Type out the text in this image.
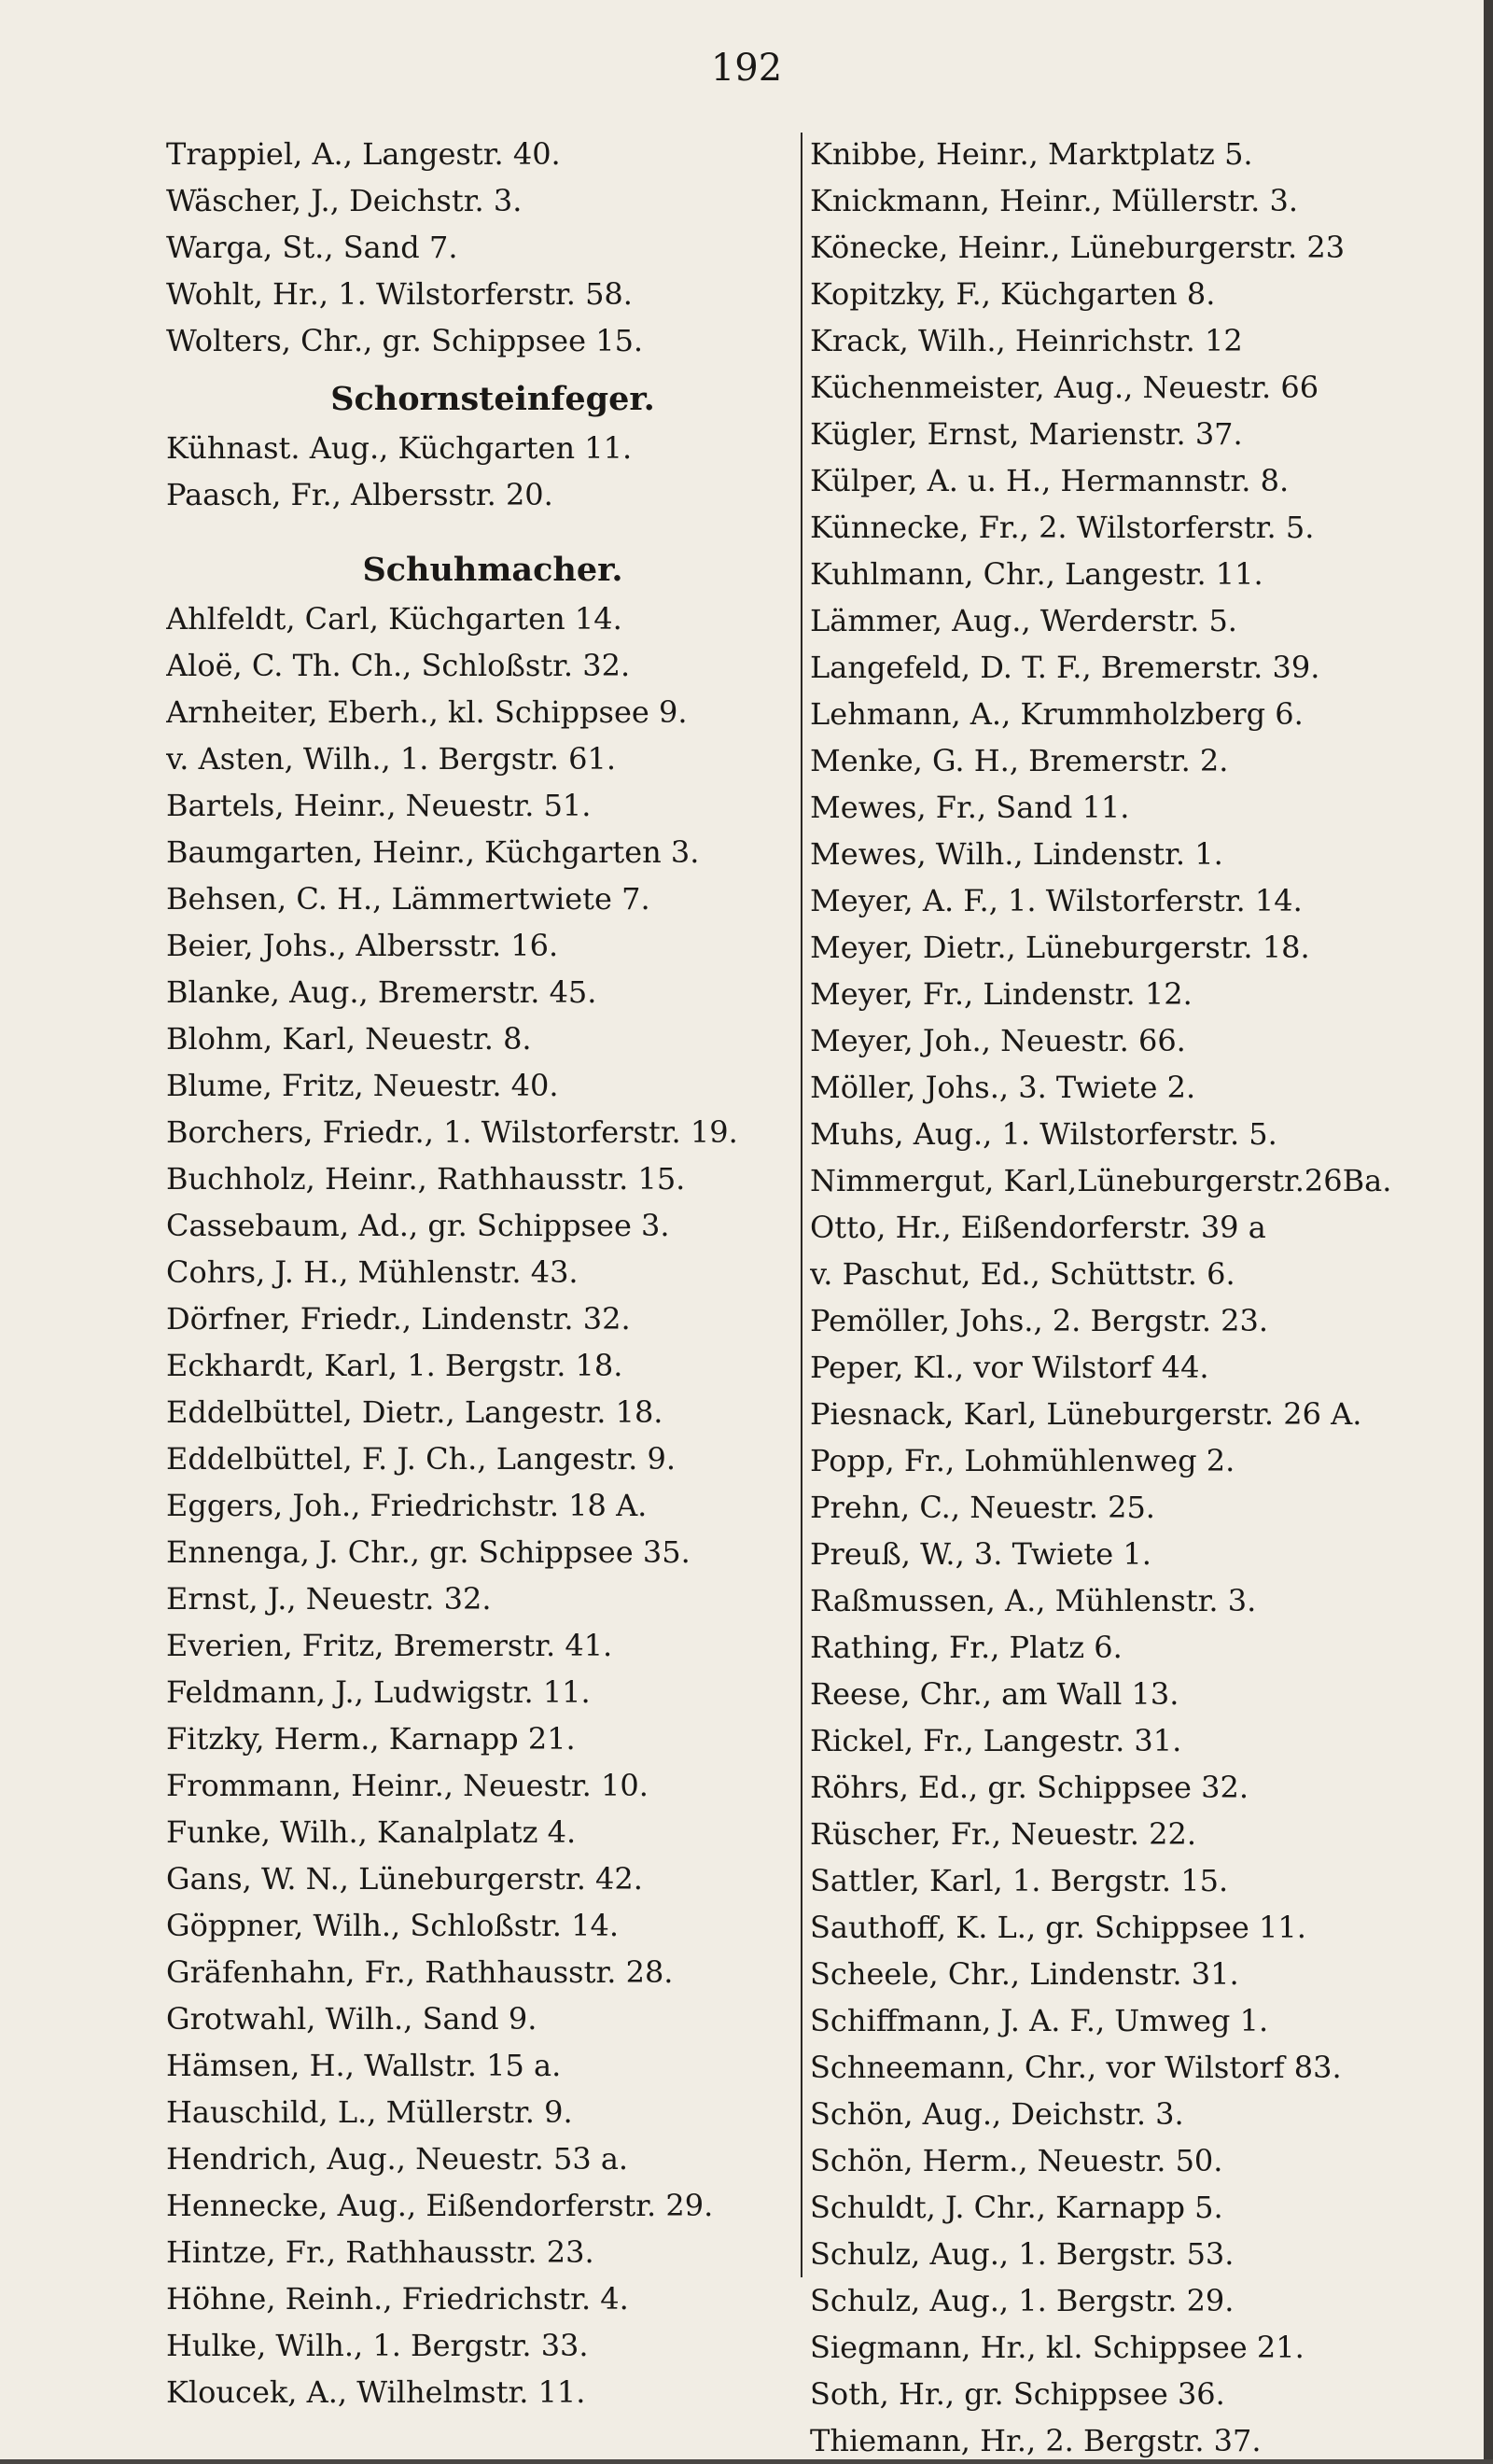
192
Trappiel, A., Langestr. 40.
Wäscher, J., Deichstr. 3.
Warga, St., Sand 7.
Wohlt, Hr., 1. Wilstorferstr. 58.
Wolters, Chr., gr. Schippsee 15.
Schornsteinfeger.
Kühnast. Aug., Küchgarten 11.
Paasch, Fr., Albersstr. 20.
Schuhmacher.
Ahlfeldt, Carl, Küchgarten 14.
Aloë, C. Th. Ch., Schloßstr. 32.
Arnheiter, Eberh., kl. Schippsee 9.
v. Asten, Wilh., 1. Bergstr. 61.
Bartels, Heinr., Neuestr. 51.
Baumgarten, Heinr., Küchgarten 3.
Behsen, C. H., Lämmertwiete 7.
Beier, Johs., Albersstr. 16.
Blanke, Aug., Bremerstr. 45.
Blohm, Karl, Neuestr. 8.
Blume, Fritz, Neuestr. 40.
Borchers, Friedr., 1. Wilstorferstr. 19.
Buchholz, Heinr., Rathhausstr. 15.
Cassebaum, Ad., gr. Schippsee 3.
Cohrs, J. H., Mühlenstr. 43.
Dörfner, Friedr., Lindenstr. 32.
Eckhardt, Karl, 1. Bergstr. 18.
Eddelbüttel, Dietr., Langestr. 18.
Eddelbüttel, F. J. Ch., Langestr. 9.
Eggers, Joh., Friedrichstr. 18 A.
Ennenga, J. Chr., gr. Schippsee 35.
Ernst, J., Neuestr. 32.
Everien, Fritz, Bremerstr. 41.
Feldmann, J., Ludwigstr. 11.
Fitzky, Herm., Karnapp 21.
Frommann, Heinr., Neuestr. 10.
Funke, Wilh., Kanalplatz 4.
Gans, W. N., Lüneburgerstr. 42.
Göppner, Wilh., Schloßstr. 14.
Gräfenhahn, Fr., Rathhausstr. 28.
Grotwahl, Wilh., Sand 9.
Hämsen, H., Wallstr. 15 a.
Hauschild, L., Müllerstr. 9.
Hendrich, Aug., Neuestr. 53 a.
Hennecke, Aug., Eißendorferstr. 29.
Hintze, Fr., Rathhausstr. 23.
Höhne, Reinh., Friedrichstr. 4.
Hulke, Wilh., 1. Bergstr. 33.
Kloucek, A., Wilhelmstr. 11.
Knibbe, Heinr., Marktplatz 5.
Knickmann, Heinr., Müllerstr. 3.
Könecke, Heinr., Lüneburgerstr. 23
Kopitzky, F., Küchgarten 8.
Krack, Wilh., Heinrichstr. 12
Küchenmeister, Aug., Neuestr. 66
Kügler, Ernst, Marienstr. 37.
Külper, A. u. H., Hermannstr. 8.
Künnecke, Fr., 2. Wilstorferstr. 5.
Kuhlmann, Chr., Langestr. 11.
Lämmer, Aug., Werderstr. 5.
Langefeld, D. T. F., Bremerstr. 39.
Lehmann, A., Krummholzberg 6.
Menke, G. H., Bremerstr. 2.
Mewes, Fr., Sand 11.
Mewes, Wilh., Lindenstr. 1.
Meyer, A. F., 1. Wilstorferstr. 14.
Meyer, Dietr., Lüneburgerstr. 18.
Meyer, Fr., Lindenstr. 12.
Meyer, Joh., Neuestr. 66.
Möller, Johs., 3. Twiete 2.
Muhs, Aug., 1. Wilstorferstr. 5.
Nimmergut, Karl,Lüneburgerstr.26Ba.
Otto, Hr., Eißendorferstr. 39 a
v. Paschut, Ed., Schüttstr. 6.
Pemöller, Johs., 2. Bergstr. 23.
Peper, Kl., vor Wilstorf 44.
Piesnack, Karl, Lüneburgerstr. 26 A.
Popp, Fr., Lohmühlenweg 2.
Prehn, C., Neuestr. 25.
Preuß, W., 3. Twiete 1.
Raßmussen, A., Mühlenstr. 3.
Rathing, Fr., Platz 6.
Reese, Chr., am Wall 13.
Rickel, Fr., Langestr. 31.
Röhrs, Ed., gr. Schippsee 32.
Rüscher, Fr., Neuestr. 22.
Sattler, Karl, 1. Bergstr. 15.
Sauthoff, K. L., gr. Schippsee 11.
Scheele, Chr., Lindenstr. 31.
Schiffmann, J. A. F., Umweg 1.
Schneemann, Chr., vor Wilstorf 83.
Schön, Aug., Deichstr. 3.
Schön, Herm., Neuestr. 50.
Schuldt, J. Chr., Karnapp 5.
Schulz, Aug., 1. Bergstr. 53.
Schulz, Aug., 1. Bergstr. 29.
Siegmann, Hr., kl. Schippsee 21.
Soth, Hr., gr. Schippsee 36.
Thiemann, Hr., 2. Bergstr. 37.
